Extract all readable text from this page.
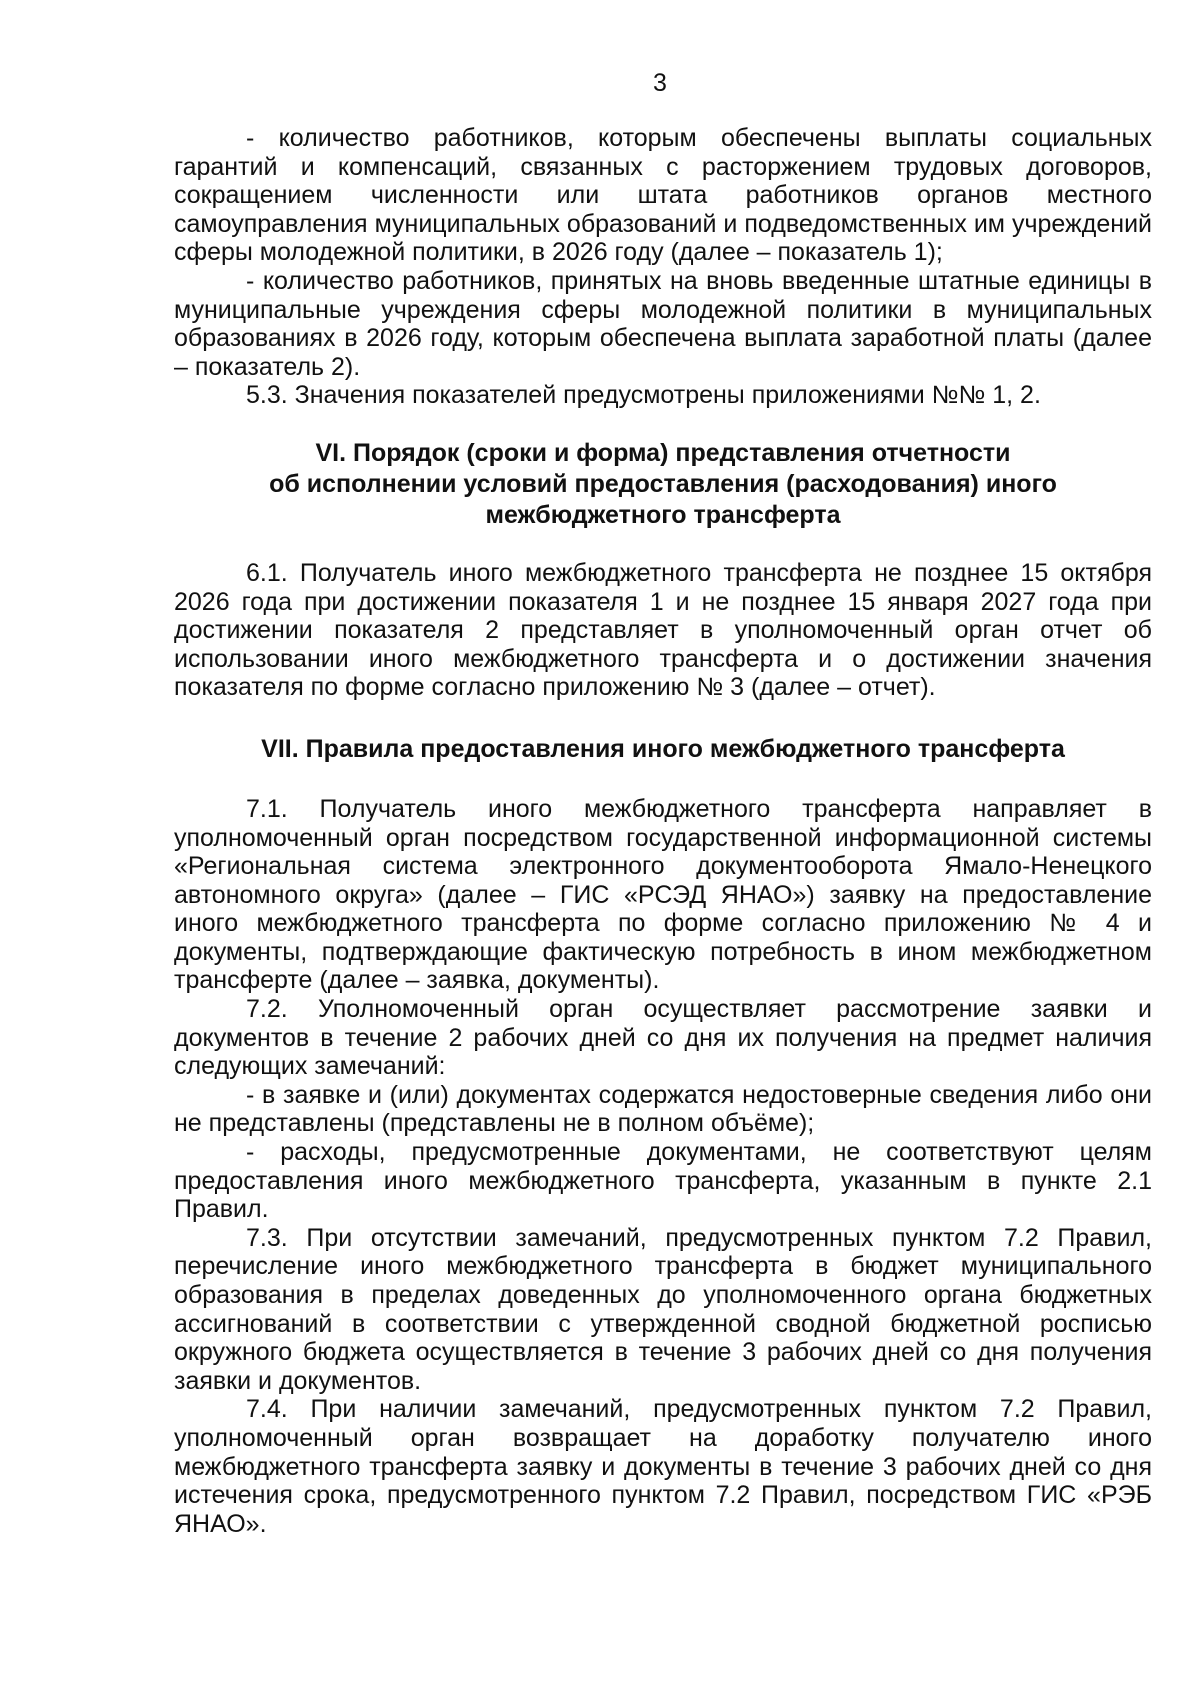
3

- количество работников, которым обеспечены выплаты социальных гарантий и компенсаций, связанных с расторжением трудовых договоров, сокращением численности или штата работников органов местного самоуправления муниципальных образований и подведомственных им учреждений сферы молодежной политики, в 2026 году (далее – показатель 1);

- количество работников, принятых на вновь введенные штатные единицы в муниципальные учреждения сферы молодежной политики в муниципальных образованиях в 2026 году, которым обеспечена выплата заработной платы (далее – показатель 2).

5.3. Значения показателей предусмотрены приложениями №№ 1, 2.

VI. Порядок (сроки и форма) представления отчетности
об исполнении условий предоставления (расходования) иного
межбюджетного трансферта

6.1. Получатель иного межбюджетного трансферта не позднее 15 октября 2026 года при достижении показателя 1 и не позднее 15 января 2027 года при достижении показателя 2 представляет в уполномоченный орган отчет об использовании иного межбюджетного трансферта и о достижении значения показателя по форме согласно приложению № 3 (далее – отчет).

VII. Правила предоставления иного межбюджетного трансферта

7.1. Получатель иного межбюджетного трансферта направляет в уполномоченный орган посредством государственной информационной системы «Региональная система электронного документооборота Ямало-Ненецкого автономного округа» (далее – ГИС «РСЭД ЯНАО») заявку на предоставление иного межбюджетного трансферта по форме согласно приложению № 4 и документы, подтверждающие фактическую потребность в ином межбюджетном трансферте (далее – заявка, документы).

7.2. Уполномоченный орган осуществляет рассмотрение заявки и документов в течение 2 рабочих дней со дня их получения на предмет наличия следующих замечаний:

- в заявке и (или) документах содержатся недостоверные сведения либо они не представлены (представлены не в полном объёме);

- расходы, предусмотренные документами, не соответствуют целям предоставления иного межбюджетного трансферта, указанным в пункте 2.1 Правил.

7.3. При отсутствии замечаний, предусмотренных пунктом 7.2 Правил, перечисление иного межбюджетного трансферта в бюджет муниципального образования в пределах доведенных до уполномоченного органа бюджетных ассигнований в соответствии с утвержденной сводной бюджетной росписью окружного бюджета осуществляется в течение 3 рабочих дней со дня получения заявки и документов.

7.4. При наличии замечаний, предусмотренных пунктом 7.2 Правил, уполномоченный орган возвращает на доработку получателю иного межбюджетного трансферта заявку и документы в течение 3 рабочих дней со дня истечения срока, предусмотренного пунктом 7.2 Правил, посредством ГИС «РЭБ ЯНАО».
